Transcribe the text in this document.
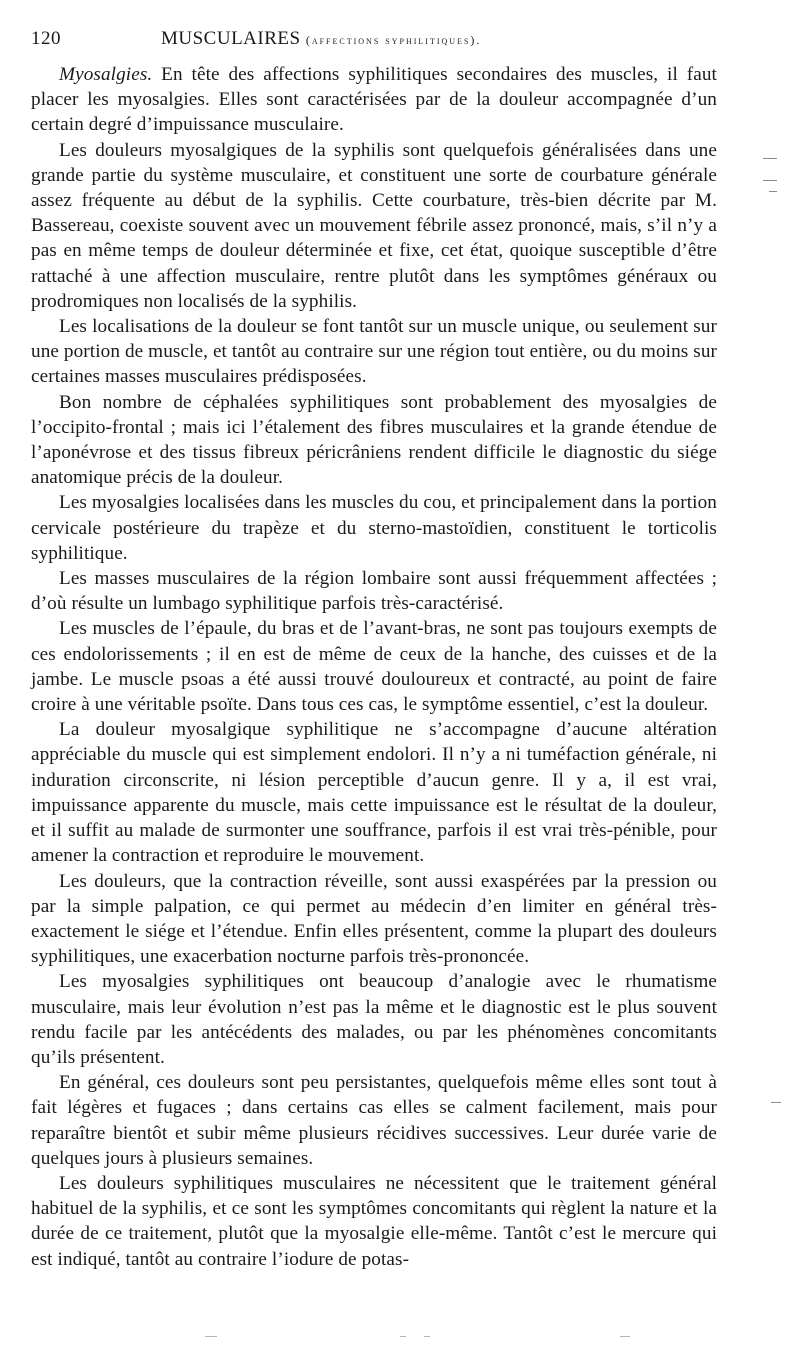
120	MUSCULAIRES (affections syphilitiques).

Myosalgies. En tête des affections syphilitiques secondaires des muscles, il faut placer les myosalgies. Elles sont caractérisées par de la douleur accompagnée d’un certain degré d’impuissance musculaire.

Les douleurs myosalgiques de la syphilis sont quelquefois généralisées dans une grande partie du système musculaire, et constituent une sorte de courbature générale assez fréquente au début de la syphilis. Cette courbature, très-bien décrite par M. Bassereau, coexiste souvent avec un mouvement fébrile assez prononcé, mais, s’il n’y a pas en même temps de douleur déterminée et fixe, cet état, quoique susceptible d’être rattaché à une affection musculaire, rentre plutôt dans les symptômes généraux ou prodromiques non localisés de la syphilis.

Les localisations de la douleur se font tantôt sur un muscle unique, ou seulement sur une portion de muscle, et tantôt au contraire sur une région tout entière, ou du moins sur certaines masses musculaires prédisposées.

Bon nombre de céphalées syphilitiques sont probablement des myosalgies de l’occipito-frontal ; mais ici l’étalement des fibres musculaires et la grande étendue de l’aponévrose et des tissus fibreux péricrâniens rendent difficile le diagnostic du siége anatomique précis de la douleur.

Les myosalgies localisées dans les muscles du cou, et principalement dans la portion cervicale postérieure du trapèze et du sterno-mastoïdien, constituent le torticolis syphilitique.

Les masses musculaires de la région lombaire sont aussi fréquemment affectées ; d’où résulte un lumbago syphilitique parfois très-caractérisé.

Les muscles de l’épaule, du bras et de l’avant-bras, ne sont pas toujours exempts de ces endolorissements ; il en est de même de ceux de la hanche, des cuisses et de la jambe. Le muscle psoas a été aussi trouvé douloureux et contracté, au point de faire croire à une véritable psoïte. Dans tous ces cas, le symptôme essentiel, c’est la douleur.

La douleur myosalgique syphilitique ne s’accompagne d’aucune altération appréciable du muscle qui est simplement endolori. Il n’y a ni tuméfaction générale, ni induration circonscrite, ni lésion perceptible d’aucun genre. Il y a, il est vrai, impuissance apparente du muscle, mais cette impuissance est le résultat de la douleur, et il suffit au malade de surmonter une souffrance, parfois il est vrai très-pénible, pour amener la contraction et reproduire le mouvement.

Les douleurs, que la contraction réveille, sont aussi exaspérées par la pression ou par la simple palpation, ce qui permet au médecin d’en limiter en général très-exactement le siége et l’étendue. Enfin elles présentent, comme la plupart des douleurs syphilitiques, une exacerbation nocturne parfois très-prononcée.

Les myosalgies syphilitiques ont beaucoup d’analogie avec le rhumatisme musculaire, mais leur évolution n’est pas la même et le diagnostic est le plus souvent rendu facile par les antécédents des malades, ou par les phénomènes concomitants qu’ils présentent.

En général, ces douleurs sont peu persistantes, quelquefois même elles sont tout à fait légères et fugaces ; dans certains cas elles se calment facilement, mais pour reparaître bientôt et subir même plusieurs récidives successives. Leur durée varie de quelques jours à plusieurs semaines.

Les douleurs syphilitiques musculaires ne nécessitent que le traitement général habituel de la syphilis, et ce sont les symptômes concomitants qui règlent la nature et la durée de ce traitement, plutôt que la myosalgie elle-même. Tantôt c’est le mercure qui est indiqué, tantôt au contraire l’iodure de potas-
